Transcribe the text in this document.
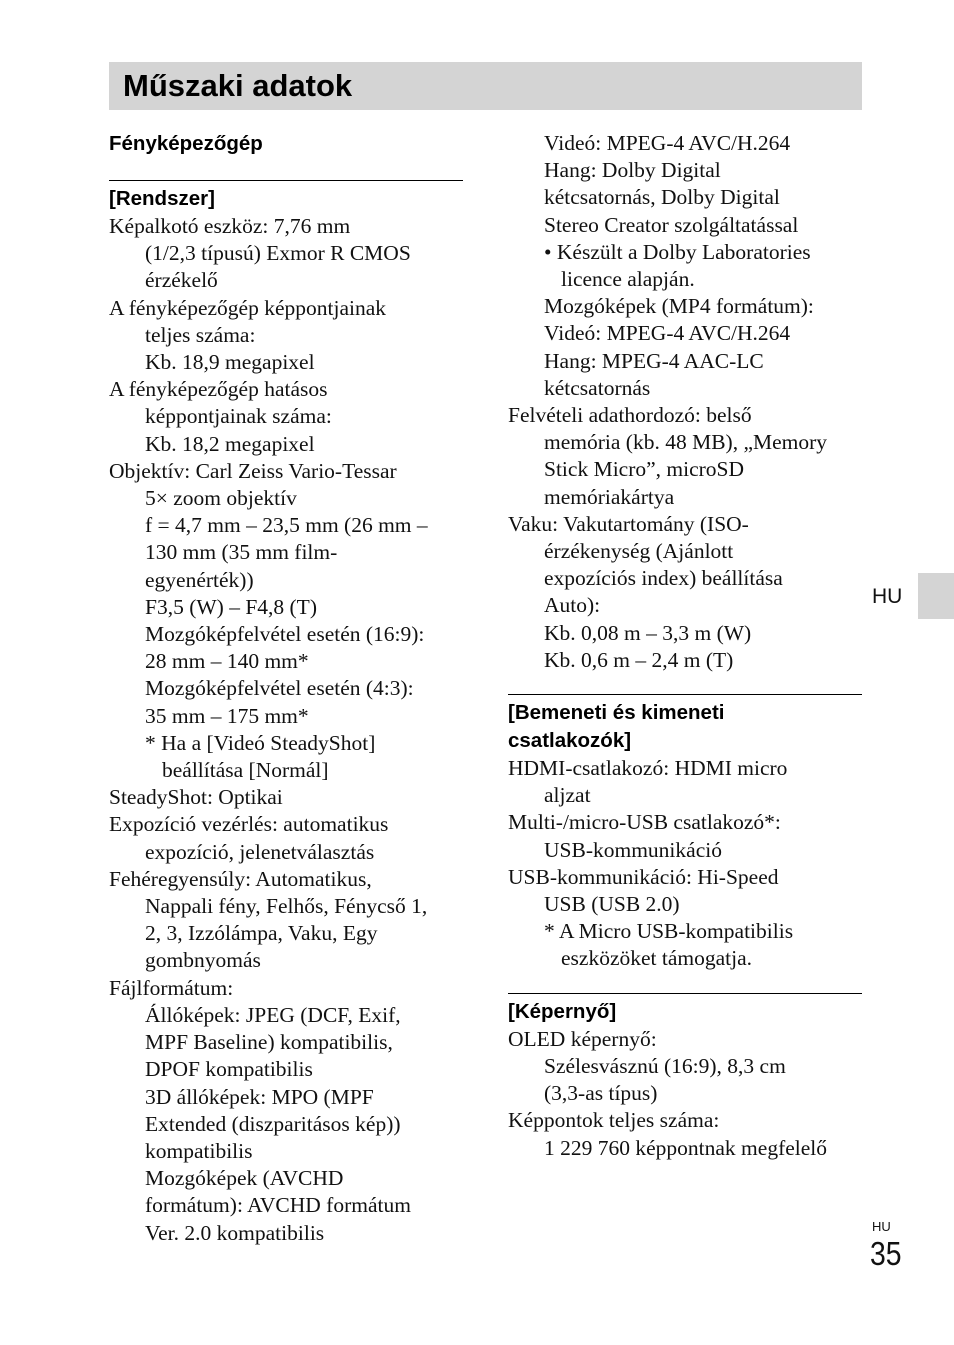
Műszaki adatok
Fényképezőgép
[Rendszer]
Képalkotó eszköz: 7,76 mm
(1/2,3 típusú) Exmor R CMOS
érzékelő
A fényképezőgép képpontjainak
teljes száma:
Kb. 18,9 megapixel
A fényképezőgép hatásos
képpontjainak száma:
Kb. 18,2 megapixel
Objektív: Carl Zeiss Vario-Tessar
5× zoom objektív
f = 4,7 mm – 23,5 mm (26 mm –
130 mm (35 mm film-
egyenérték))
F3,5 (W) – F4,8 (T)
Mozgóképfelvétel esetén (16:9):
28 mm – 140 mm*
Mozgóképfelvétel esetén (4:3):
35 mm – 175 mm*
* Ha a [Videó SteadyShot]
beállítása [Normál]
SteadyShot: Optikai
Expozíció vezérlés: automatikus
expozíció, jelenetválasztás
Fehéregyensúly: Automatikus,
Nappali fény, Felhős, Fénycső 1,
2, 3, Izzólámpa, Vaku, Egy
gombnyomás
Fájlformátum:
Állóképek: JPEG (DCF, Exif,
MPF Baseline) kompatibilis,
DPOF kompatibilis
3D állóképek: MPO (MPF
Extended (diszparitásos kép))
kompatibilis
Mozgóképek (AVCHD
formátum): AVCHD formátum
Ver. 2.0 kompatibilis
Videó: MPEG-4 AVC/H.264
Hang: Dolby Digital
kétcsatornás, Dolby Digital
Stereo Creator szolgáltatással
• Készült a Dolby Laboratories
licence alapján.
Mozgóképek (MP4 formátum):
Videó: MPEG-4 AVC/H.264
Hang: MPEG-4 AAC-LC
kétcsatornás
Felvételi adathordozó: belső
memória (kb. 48 MB), „Memory
Stick Micro”, microSD
memóriakártya
Vaku: Vakutartomány (ISO-
érzékenység (Ajánlott
expozíciós index) beállítása
Auto):
Kb. 0,08 m – 3,3 m (W)
Kb. 0,6 m – 2,4 m (T)
[Bemeneti és kimeneti
csatlakozók]
HDMI-csatlakozó: HDMI micro
aljzat
Multi-/micro-USB csatlakozó*:
USB-kommunikáció
USB-kommunikáció: Hi-Speed
USB (USB 2.0)
* A Micro USB-kompatibilis
eszközöket támogatja.
[Képernyő]
OLED képernyő:
Szélesvásznú (16:9), 8,3 cm
(3,3-as típus)
Képpontok teljes száma:
1 229 760 képpontnak megfelelő
HU
HU
35
